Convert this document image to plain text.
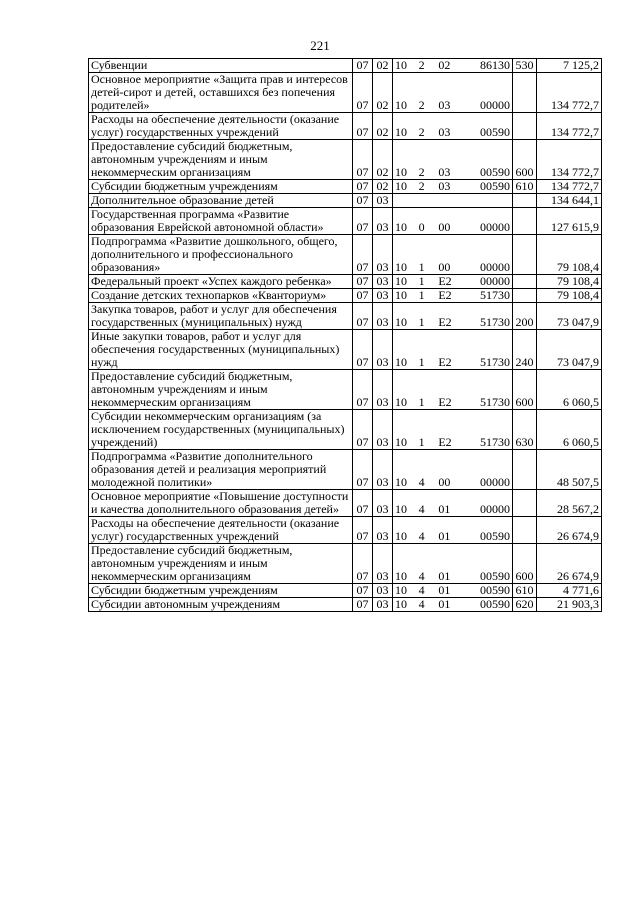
221
Субвенции	07	02	10 2 02 86130	530	7 125,2
Основное мероприятие «Защита прав и интересов детей-сирот и детей, оставшихся без попечения родителей»	07	02	10 2 03 00000		134 772,7
Расходы на обеспечение деятельности (оказание услуг) государственных учреждений	07	02	10 2 03 00590		134 772,7
Предоставление субсидий бюджетным, автономным учреждениям и иным некоммерческим организациям	07	02	10 2 03 00590	600	134 772,7
Субсидии бюджетным учреждениям	07	02	10 2 03 00590	610	134 772,7
Дополнительное образование детей	07	03			134 644,1
Государственная программа «Развитие образования Еврейской автономной области»	07	03	10 0 00 00000		127 615,9
Подпрограмма «Развитие дошкольного, общего, дополнительного и профессионального образования»	07	03	10 1 00 00000		79 108,4
Федеральный проект «Успех каждого ребенка»	07	03	10 1 E2 00000		79 108,4
Создание детских технопарков «Кванториум»	07	03	10 1 E2 51730		79 108,4
Закупка товаров, работ и услуг для обеспечения государственных (муниципальных) нужд	07	03	10 1 E2 51730	200	73 047,9
Иные закупки товаров, работ и услуг для обеспечения государственных (муниципальных) нужд	07	03	10 1 E2 51730	240	73 047,9
Предоставление субсидий бюджетным, автономным учреждениям и иным некоммерческим организациям	07	03	10 1 E2 51730	600	6 060,5
Субсидии некоммерческим организациям (за исключением государственных (муниципальных) учреждений)	07	03	10 1 E2 51730	630	6 060,5
Подпрограмма «Развитие дополнительного образования детей и реализация мероприятий молодежной политики»	07	03	10 4 00 00000		48 507,5
Основное мероприятие «Повышение доступности и качества дополнительного образования детей»	07	03	10 4 01 00000		28 567,2
Расходы на обеспечение деятельности (оказание услуг) государственных учреждений	07	03	10 4 01 00590		26 674,9
Предоставление субсидий бюджетным, автономным учреждениям и иным некоммерческим организациям	07	03	10 4 01 00590	600	26 674,9
Субсидии бюджетным учреждениям	07	03	10 4 01 00590	610	4 771,6
Субсидии автономным учреждениям	07	03	10 4 01 00590	620	21 903,3
